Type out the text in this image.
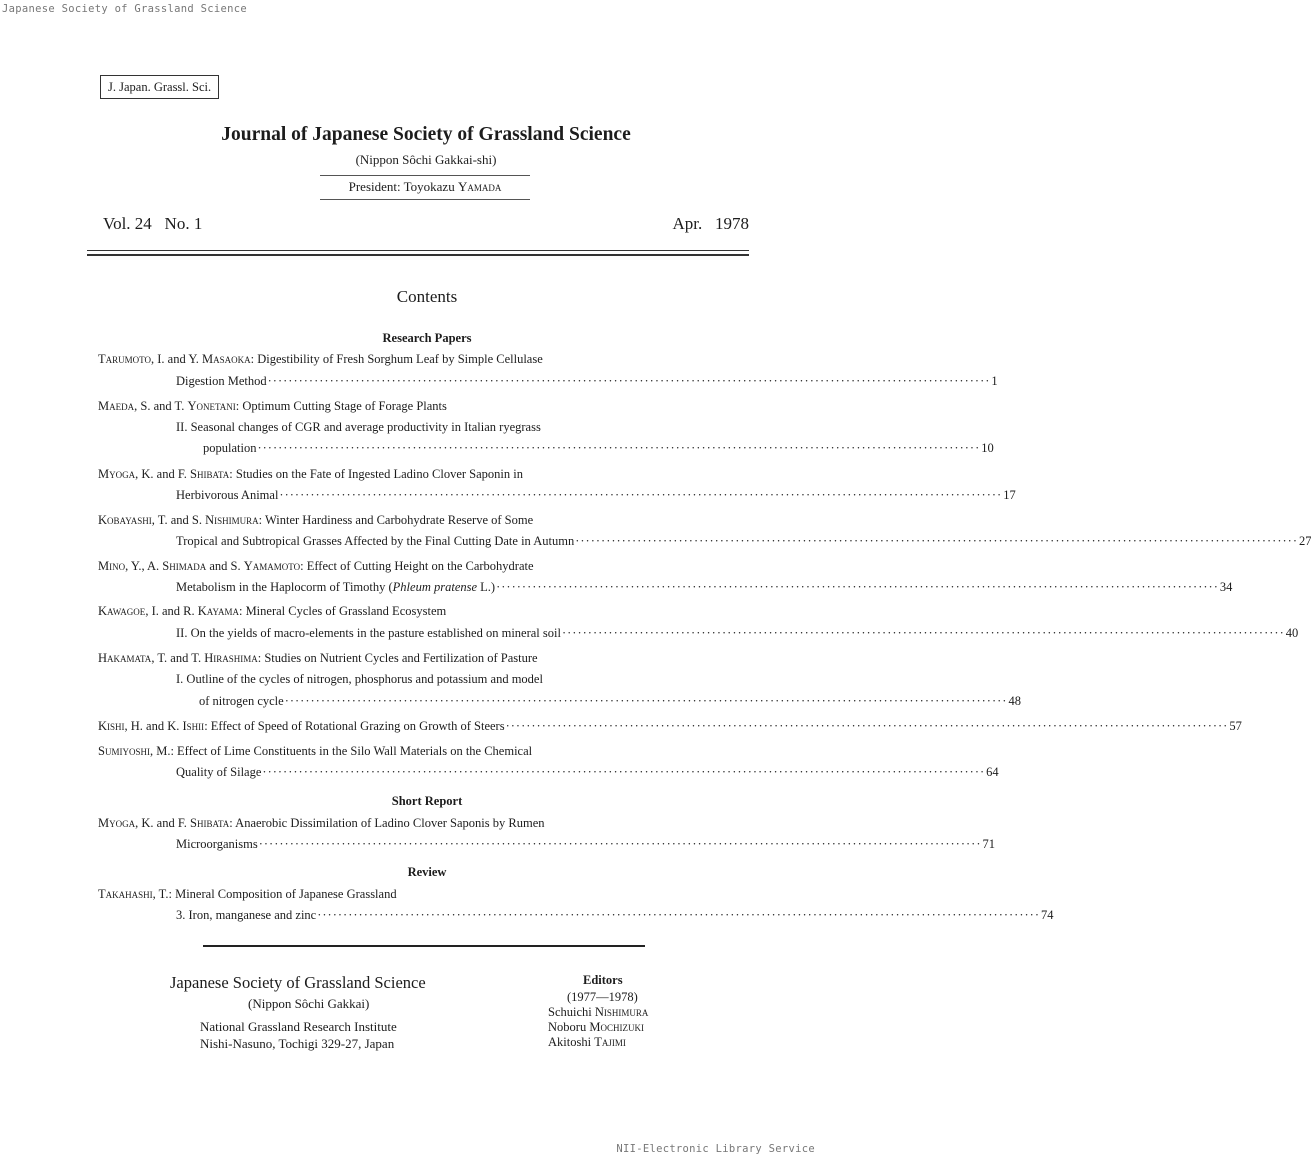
Japanese Society of Grassland Science
NII-Electronic Library Service
J. Japan. Grassl. Sci.
Journal of Japanese Society of Grassland Science
(Nippon Sôchi Gakkai-shi)
President: Toyokazu Yamada
Vol. 24   No. 1	Apr.   1978
Contents
Research Papers
Tarumoto, I. and Y. Masaoka: Digestibility of Fresh Sorghum Leaf by Simple Cellulase
Digestion Method ············································································································································ 1
Maeda, S. and T. Yonetani: Optimum Cutting Stage of Forage Plants
II. Seasonal changes of CGR and average productivity in Italian ryegrass
population ············································································································································ 10
Myoga, K. and F. Shibata: Studies on the Fate of Ingested Ladino Clover Saponin in
Herbivorous Animal ············································································································································ 17
Kobayashi, T. and S. Nishimura: Winter Hardiness and Carbohydrate Reserve of Some
Tropical and Subtropical Grasses Affected by the Final Cutting Date in Autumn ············································································································································ 27
Mino, Y., A. Shimada and S. Yamamoto: Effect of Cutting Height on the Carbohydrate
Metabolism in the Haplocorm of Timothy (Phleum pratense L.) ············································································································································ 34
Kawagoe, I. and R. Kayama: Mineral Cycles of Grassland Ecosystem
II. On the yields of macro-elements in the pasture established on mineral soil ············································································································································ 40
Hakamata, T. and T. Hirashima: Studies on Nutrient Cycles and Fertilization of Pasture
I. Outline of the cycles of nitrogen, phosphorus and potassium and model
of nitrogen cycle ············································································································································ 48
Kishi, H. and K. Ishii: Effect of Speed of Rotational Grazing on Growth of Steers ············································································································································ 57
Sumiyoshi, M.: Effect of Lime Constituents in the Silo Wall Materials on the Chemical
Quality of Silage ············································································································································ 64
Short Report
Myoga, K. and F. Shibata: Anaerobic Dissimilation of Ladino Clover Saponis by Rumen
Microorganisms ············································································································································ 71
Review
Takahashi, T.: Mineral Composition of Japanese Grassland
3. Iron, manganese and zinc ············································································································································ 74
Japanese Society of Grassland Science
(Nippon Sôchi Gakkai)
National Grassland Research Institute
Nishi-Nasuno, Tochigi 329-27, Japan
Editors
(1977—1978)
Schuichi Nishimura
Noboru Mochizuki
Akitoshi Tajimi
